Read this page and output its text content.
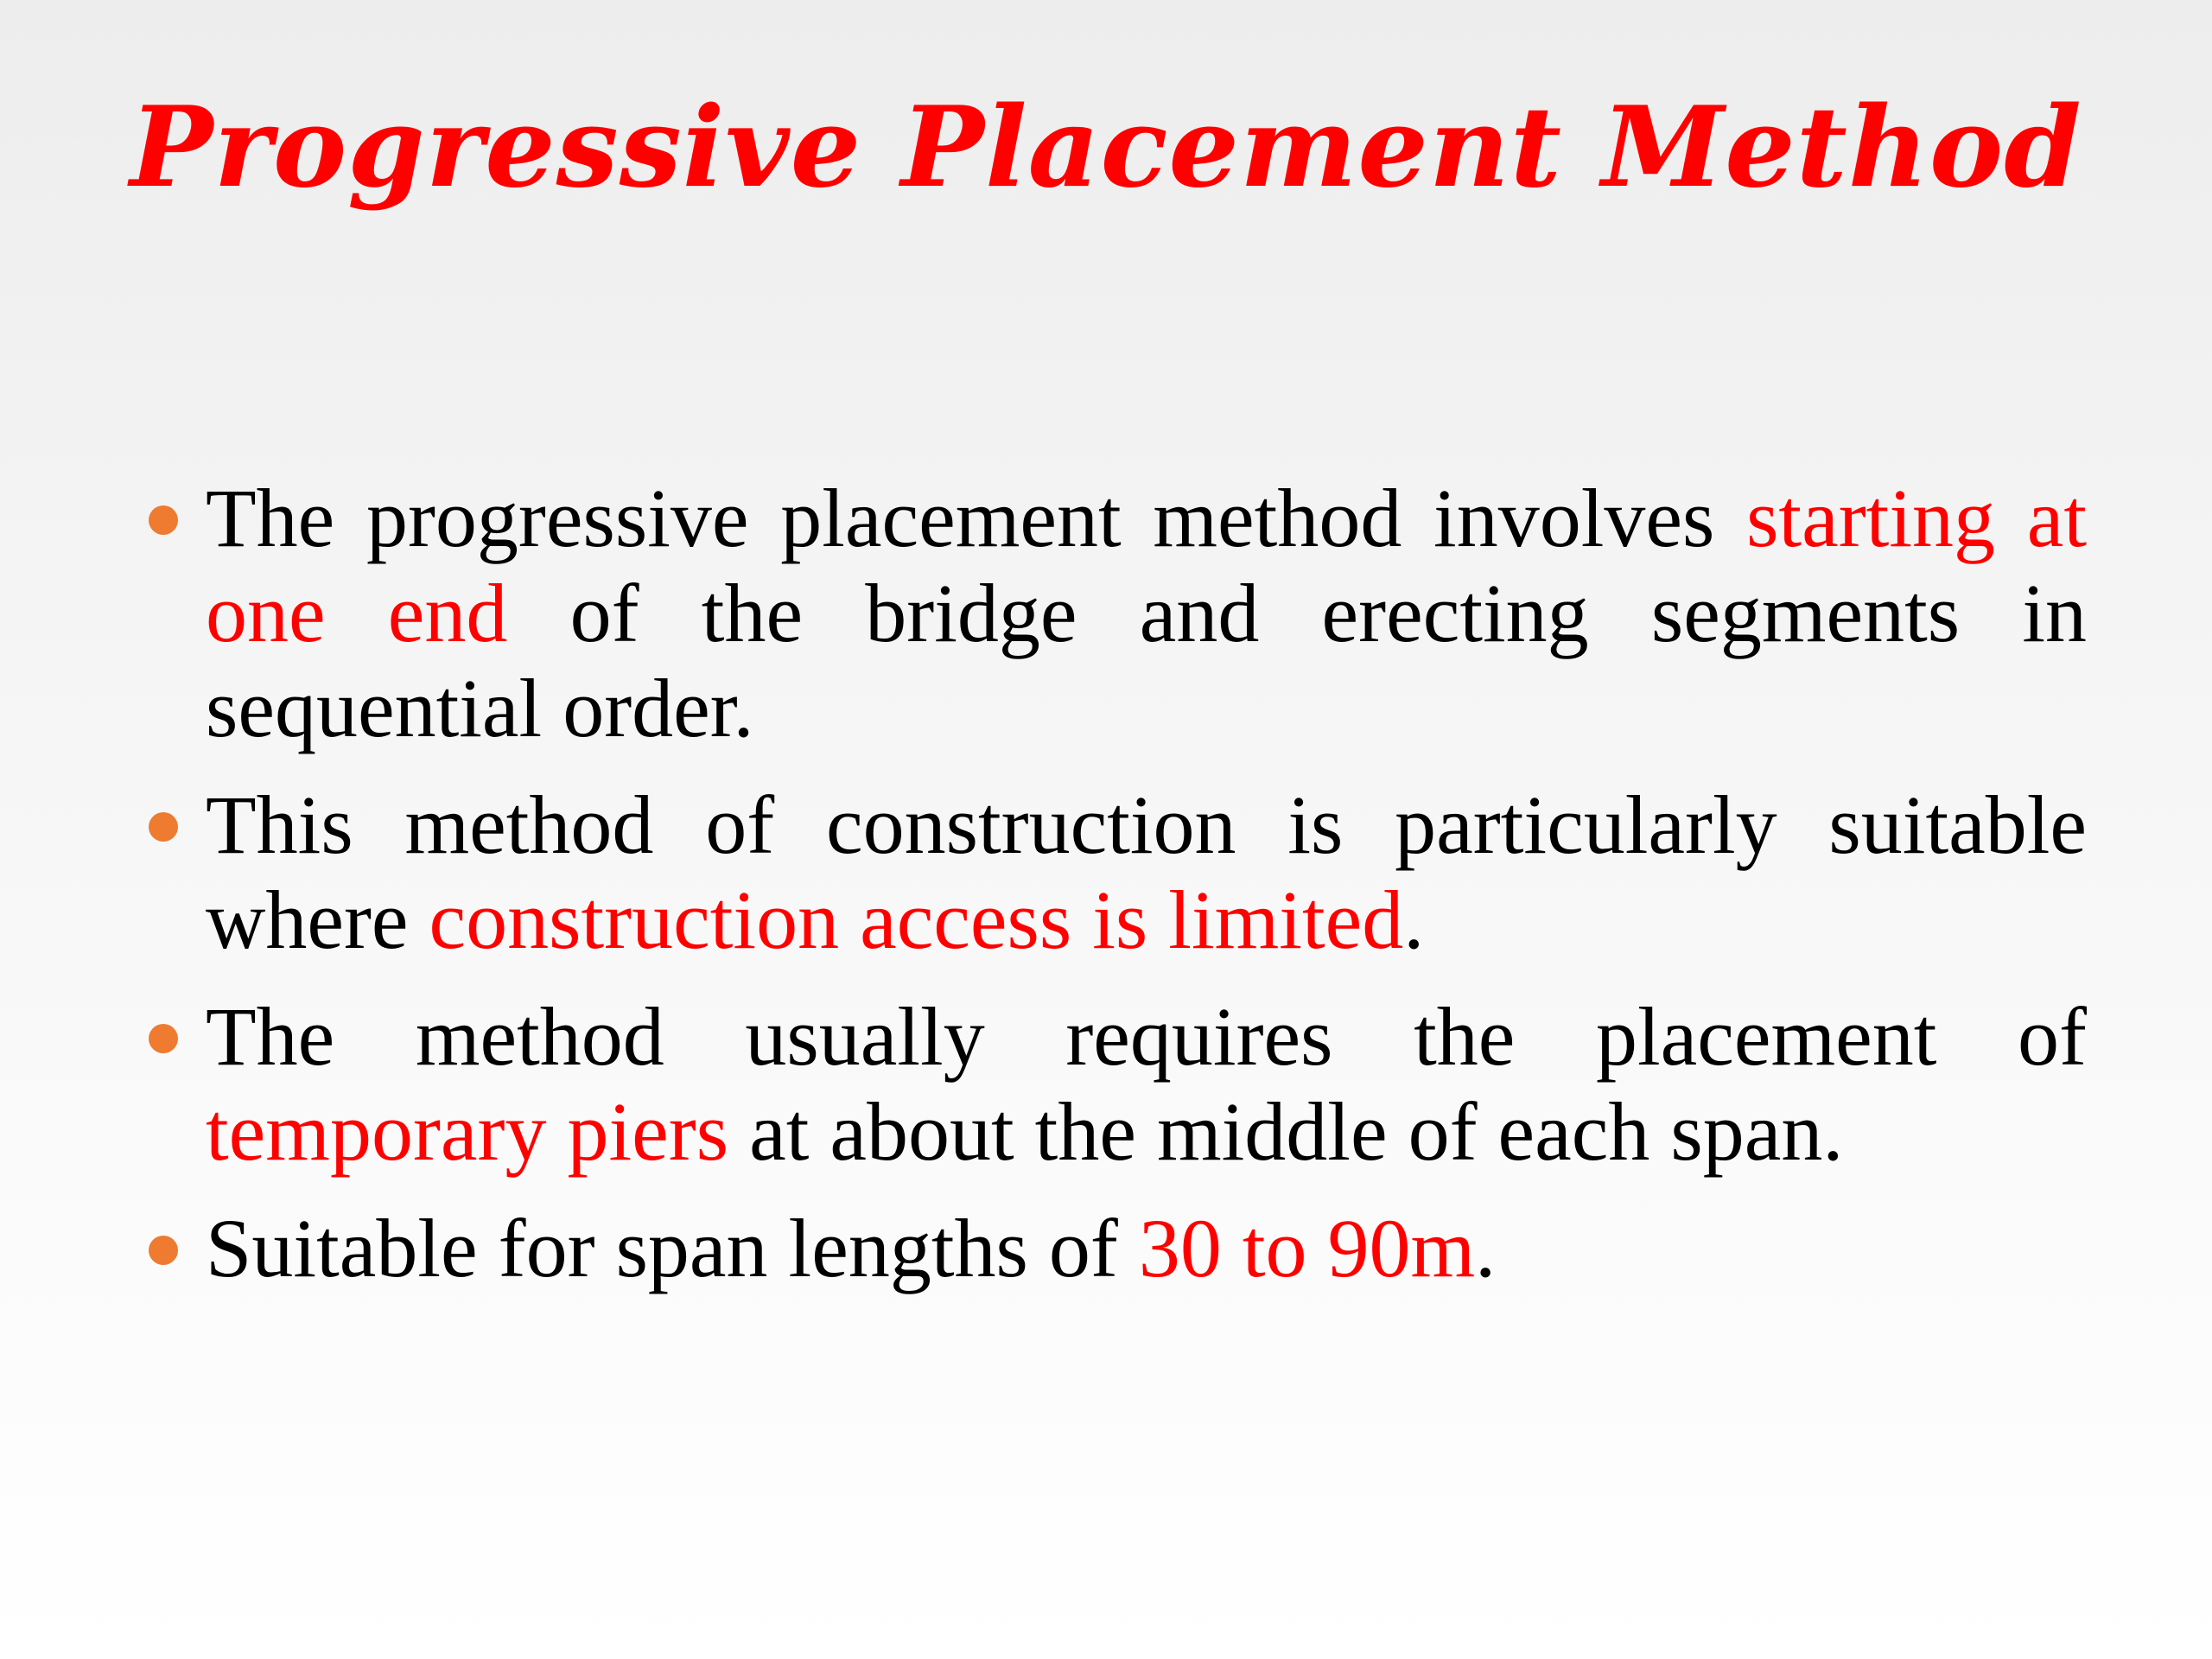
Progressive Placement Method
The progressive placement method involves starting at one end of the bridge and erecting segments in sequential order.
This method of construction is particularly suitable where construction access is limited.
The method usually requires the placement of temporary piers at about the middle of each span.
Suitable for span lengths of 30 to 90m.
